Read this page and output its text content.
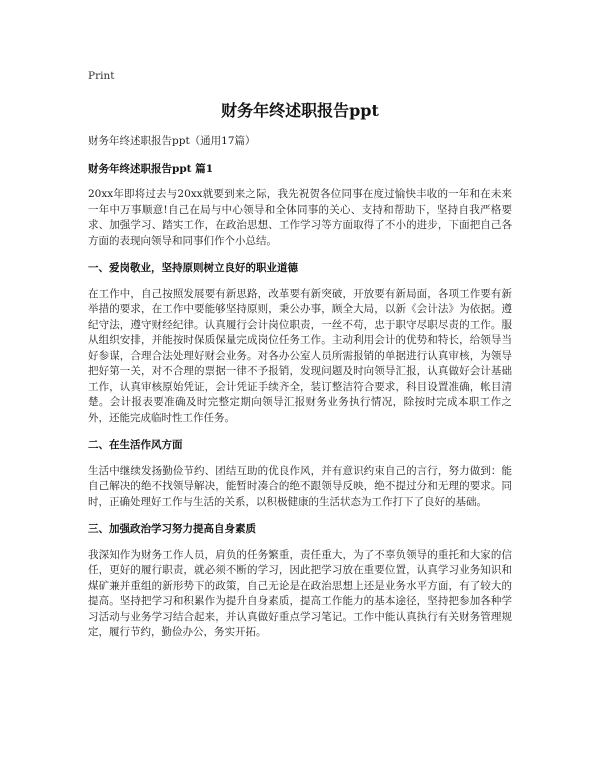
Print
财务年终述职报告ppt

财务年终述职报告ppt（通用17篇）

财务年终述职报告ppt 篇1

20xx年即将过去与20xx就要到来之际，我先祝贺各位同事在度过愉快丰收的一年和在未来一年中万事顺意!自己在局与中心领导和全体同事的关心、支持和帮助下，坚持自我严格要求、加强学习、踏实工作，在政治思想、工作学习等方面取得了不小的进步，下面把自己各方面的表现向领导和同事们作个小总结。

一、爱岗敬业，坚持原则树立良好的职业道德

在工作中，自己按照发展要有新思路，改革要有新突破，开放要有新局面，各项工作要有新举措的要求，在工作中要能够坚持原则，秉公办事，顾全大局，以新《会计法》为依据。遵纪守法，遵守财经纪律。认真履行会计岗位职责，一丝不苟，忠于职守尽职尽责的工作。服从组织安排，并能按时保质保量完成岗位任务工作。主动利用会计的优势和特长，给领导当好参谋，合理合法处理好财会业务。对各办公室人员所需报销的单据进行认真审核，为领导把好第一关，对不合理的票据一律不予报销，发现问题及时向领导汇报，认真做好会计基础工作，认真审核原始凭证，会计凭证手续齐全，装订整洁符合要求，科目设置准确，帐目清楚。会计报表要准确及时完整定期向领导汇报财务业务执行情况，除按时完成本职工作之外，还能完成临时性工作任务。

二、在生活作风方面

生活中继续发扬勤俭节约、团结互助的优良作风，并有意识约束自己的言行，努力做到：能自己解决的绝不找领导解决，能暂时凑合的绝不跟领导反映，绝不提过分和无理的要求。同时，正确处理好工作与生活的关系，以积极健康的生活状态为工作打下了良好的基础。

三、加强政治学习努力提高自身素质

我深知作为财务工作人员，肩负的任务繁重，责任重大，为了不辜负领导的重托和大家的信任，更好的履行职责，就必须不断的学习，因此把学习放在重要位置，认真学习业务知识和煤矿兼并重组的新形势下的政策，自己无论是在政治思想上还是业务水平方面，有了较大的提高。坚持把学习和积累作为提升自身素质，提高工作能力的基本途径，坚持把参加各种学习活动与业务学习结合起来，并认真做好重点学习笔记。工作中能认真执行有关财务管理规定，履行节约，勤俭办公，务实开拓。
